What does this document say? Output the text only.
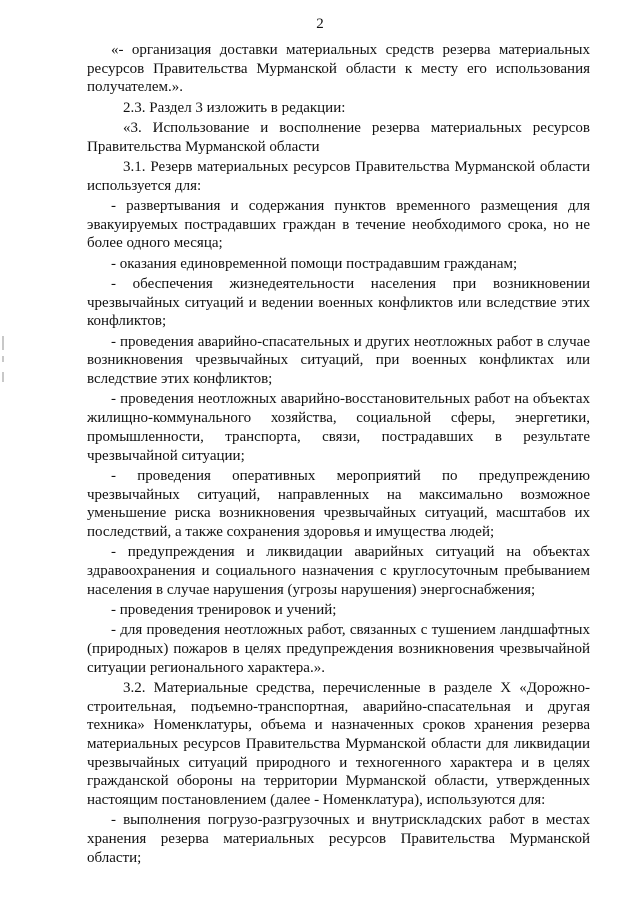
2

«- организация доставки материальных средств резерва материальных ресурсов Правительства Мурманской области к месту его использования получателем.».

2.3. Раздел 3 изложить в редакции:

«3. Использование и восполнение резерва материальных ресурсов Правительства Мурманской области

3.1. Резерв материальных ресурсов Правительства Мурманской области используется для:

- развертывания и содержания пунктов временного размещения для эвакуируемых пострадавших граждан в течение необходимого срока, но не более одного месяца;

- оказания единовременной помощи пострадавшим гражданам;

- обеспечения жизнедеятельности населения при возникновении чрезвычайных ситуаций и ведении военных конфликтов или вследствие этих конфликтов;

- проведения аварийно-спасательных и других неотложных работ в случае возникновения чрезвычайных ситуаций, при военных конфликтах или вследствие этих конфликтов;

- проведения неотложных аварийно-восстановительных работ на объектах жилищно-коммунального хозяйства, социальной сферы, энергетики, промышленности, транспорта, связи, пострадавших в результате чрезвычайной ситуации;

- проведения оперативных мероприятий по предупреждению чрезвычайных ситуаций, направленных на максимально возможное уменьшение риска возникновения чрезвычайных ситуаций, масштабов их последствий, а также сохранения здоровья и имущества людей;

- предупреждения и ликвидации аварийных ситуаций на объектах здравоохранения и социального назначения с круглосуточным пребыванием населения в случае нарушения (угрозы нарушения) энергоснабжения;

- проведения тренировок и учений;

- для проведения неотложных работ, связанных с тушением ландшафтных (природных) пожаров в целях предупреждения возникновения чрезвычайной ситуации регионального характера.».

3.2. Материальные средства, перечисленные в разделе X «Дорожно-строительная, подъемно-транспортная, аварийно-спасательная и другая техника» Номенклатуры, объема и назначенных сроков хранения резерва материальных ресурсов Правительства Мурманской области для ликвидации чрезвычайных ситуаций природного и техногенного характера и в целях гражданской обороны на территории Мурманской области, утвержденных настоящим постановлением (далее - Номенклатура), используются для:

- выполнения погрузо-разгрузочных и внутрискладских работ в местах хранения резерва материальных ресурсов Правительства Мурманской области;
